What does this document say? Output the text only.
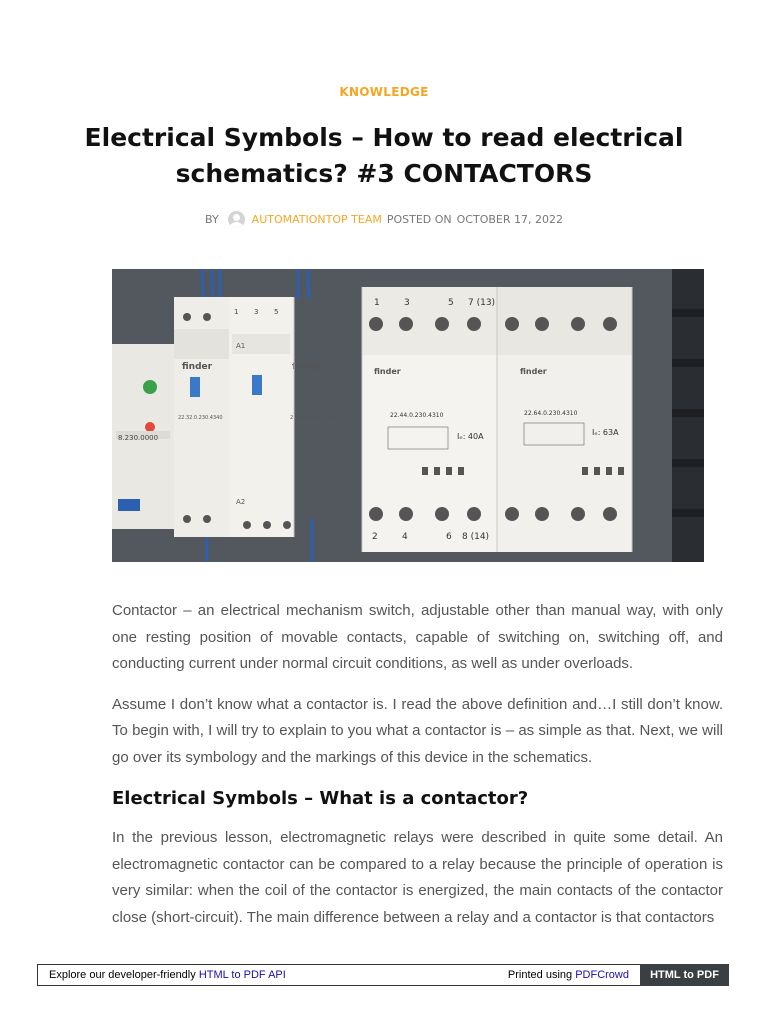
KNOWLEDGE
Electrical Symbols – How to read electrical schematics? #3 CONTACTORS
BY	AUTOMATIONTOP TEAM POSTED ON OCTOBER 17, 2022
8.230.0000
finder
22.32.0.230.4340
1 3 5
A1
finder
22.34.0.024.1340
A2
1	3	5 7 (13)
finder
22.44.0.230.4310
Iₑ: 40A
2	4	6 8 (14)
finder
22.64.0.230.4310
Iₑ: 63A

Contactor – an electrical mechanism switch, adjustable other than manual way, with only one resting position of movable contacts, capable of switching on, switching off, and conducting current under normal circuit conditions, as well as under overloads.

Assume I don’t know what a contactor is. I read the above definition and…I still don’t know. To begin with, I will try to explain to you what a contactor is – as simple as that. Next, we will go over its symbology and the markings of this device in the schematics.

Electrical Symbols – What is a contactor?

In the previous lesson, electromagnetic relays were described in quite some detail. An electromagnetic contactor can be compared to a relay because the principle of operation is very similar: when the coil of the contactor is energized, the main contacts of the contactor close (short-circuit). The main difference between a relay and a contactor is that contactors

Explore our developer-friendly HTML to PDF API	Printed using PDFCrowd	HTML to PDF
